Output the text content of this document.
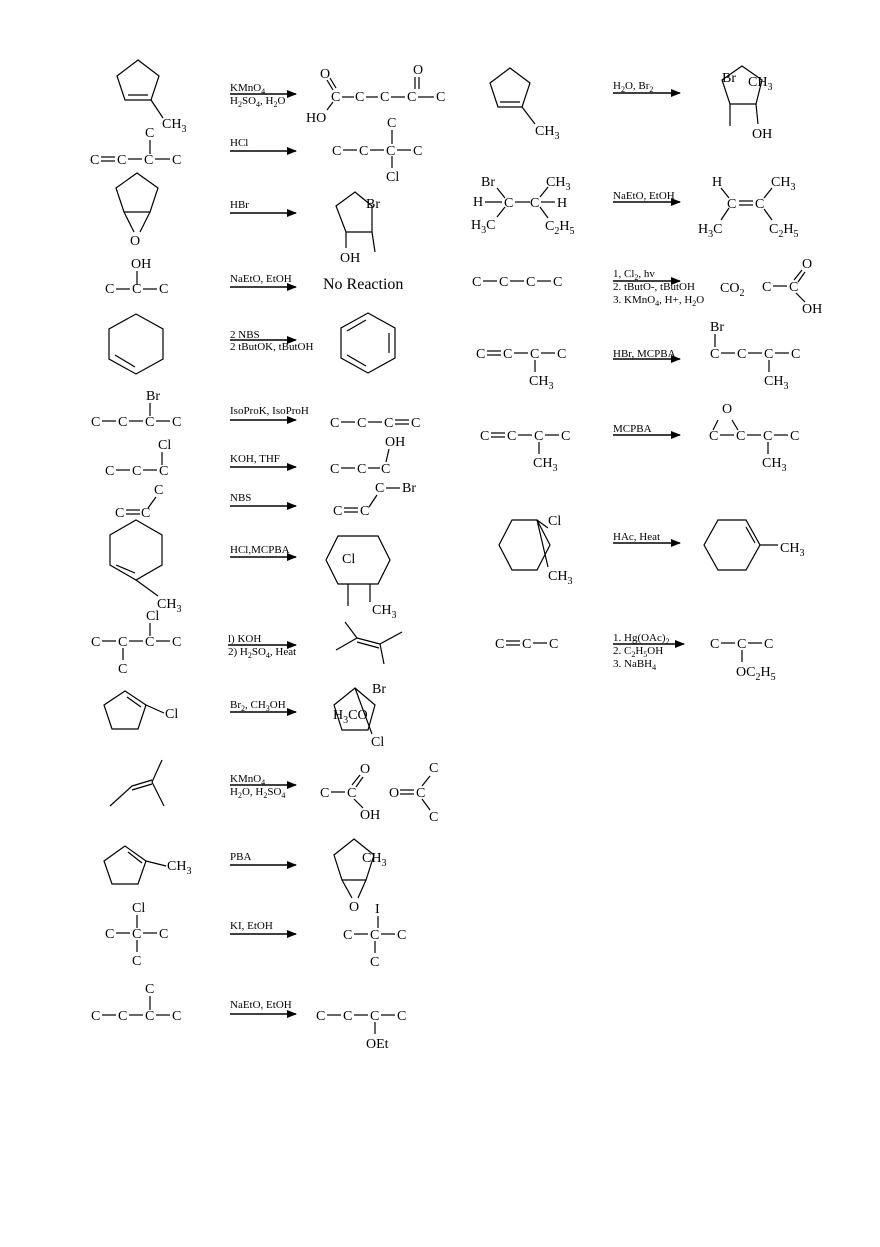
$CH_3$
KMnO$_4$
$H_2SO_4$, $H_2O$
O
C
HO
C C C
O
C
C
C C C C
HCl
C
C C C C
Cl
O
HBr	Br
OH
OH
C C C
NaEtO, EtOH No Reaction
2 NBS
2 tButOK, tButOH
Br
C C C C
IsoProK, IsoProH
C C C C
Cl
C C C
KOH, THF
OH
C C C
C
C C
NBS
C Br
C C
$CH_3$
HCl,MCPBA
Cl
$CH_3$
Cl
C C C C
C
l) KOH
2) $H_2SO_4$, Heat
Cl
$Br_2$, $CH_3OH$
Br
$H_3CO$
Cl
KMnO$_4$
$H_2O$, $H_2SO_4$ C C
O
OH
O C
C
C
$CH_3$
PBA
O
$CH_3$
Cl
C C C
C
KI, EtOH
I
C C C
C
C
C C C C
NaEtO, EtOH
C C C C
OEt
$CH_3$
$H_2O$, $Br_2$
Br $CH_3$
OH
Br
H
$H_3C$
C C
$CH_3$
H
$C_2H_5$
NaEtO, EtOH
H
$H_3C$
C C
$CH_3$
$C_2H_5$
C C C C
1, $Cl_2$, hv
2. tButO-, tButOH
3. KMnO$_4$, H+, $H_2O$
$CO_2$ C C
O
OH
C C C C
$CH_3$
HBr, MCPBA
Br
C C C C
$CH_3$
C C C C
$CH_3$
MCPBA
O
C C C C
$CH_3$
Cl
$CH_3$
HAc, Heat
$CH_3$
C C C	1. $Hg(OAc)_2$
2. $C_2H_5OH$
3. NaBH$_4$
C C C
$OC_2H_5$
